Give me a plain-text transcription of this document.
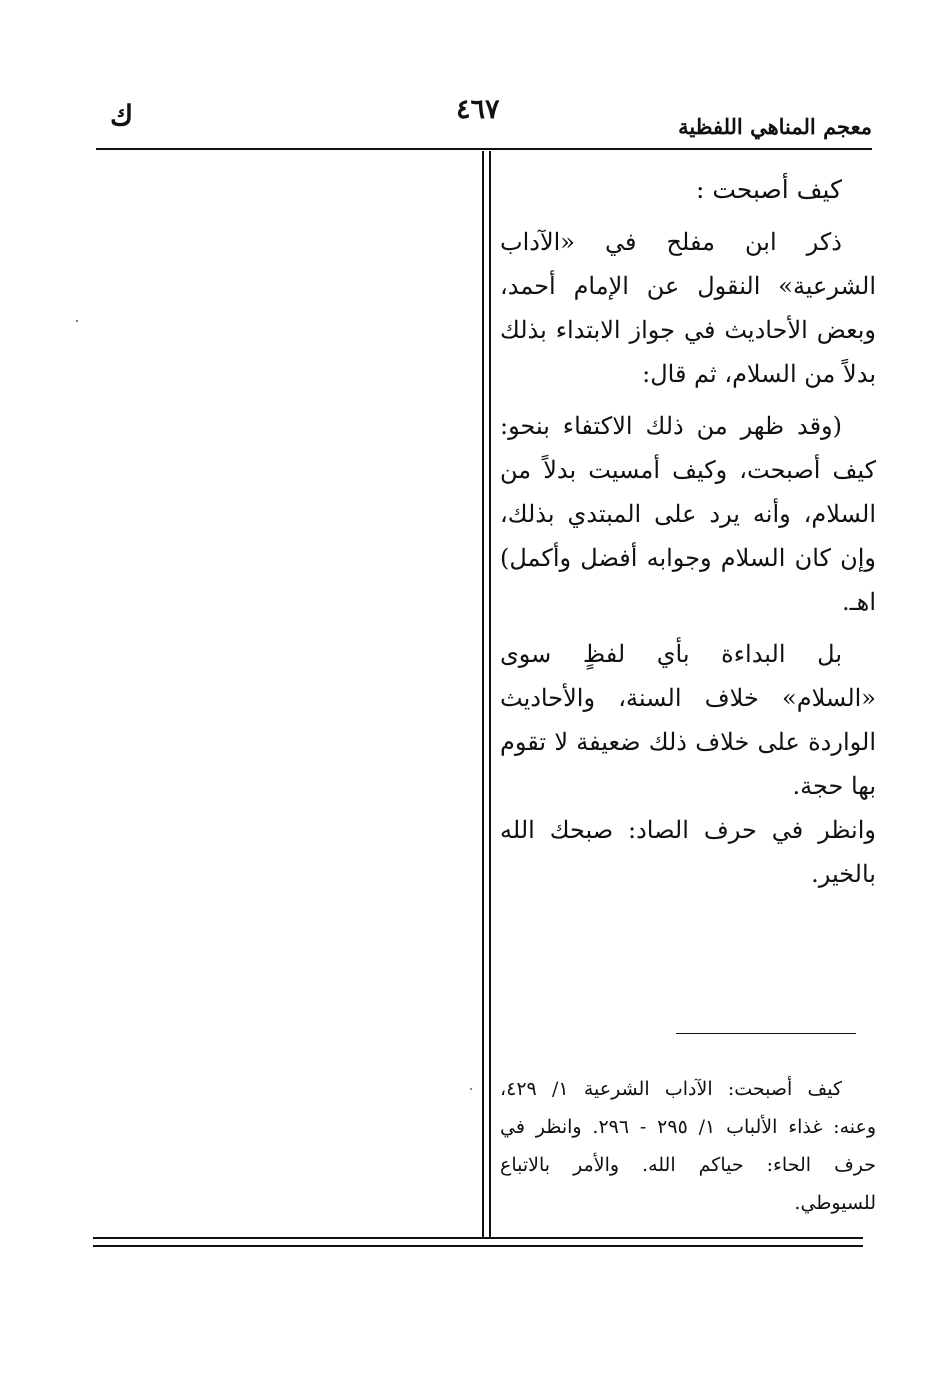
ك	٤٦٧
معجم المناهي اللفظية

كيف أصبحت :

ذكر ابن مفلح في «الآداب الشرعية» النقول عن الإمام أحمد، وبعض الأحاديث في جواز الابتداء بذلك بدلاً من السلام، ثم قال:

(وقد ظهر من ذلك الاكتفاء بنحو: كيف أصبحت، وكيف أمسيت بدلاً من السلام، وأنه يرد على المبتدي بذلك، وإن كان السلام وجوابه أفضل وأكمل) اهـ.

بل البداءة بأي لفظٍ سوى «السلام» خلاف السنة، والأحاديث الواردة على خلاف ذلك ضعيفة لا تقوم بها حجة.

وانظر في حرف الصاد: صبحك الله بالخير.

كيف أصبحت: الآداب الشرعية ١/ ٤٢٩، وعنه: غذاء الألباب ١/ ٢٩٥ - ٢٩٦. وانظر في حرف الحاء: حياكم الله. والأمر بالاتباع للسيوطي.
